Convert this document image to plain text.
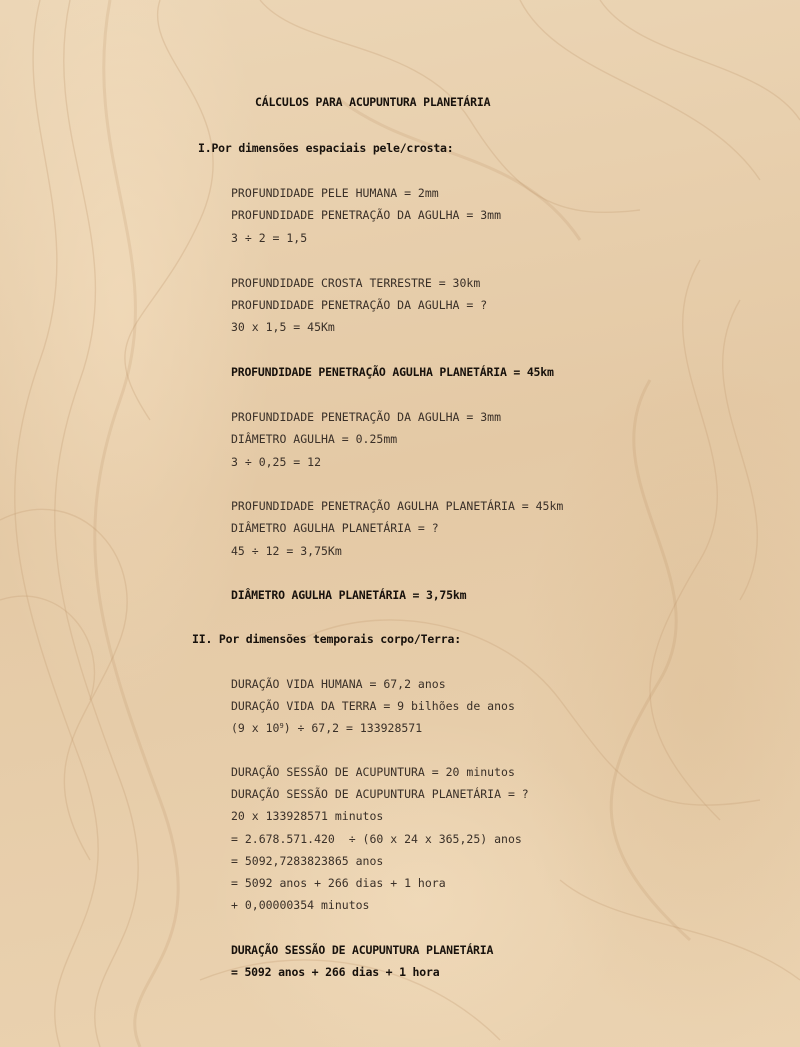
CÁLCULOS PARA ACUPUNTURA PLANETÁRIA
I.Por dimensões espaciais pele/crosta:
PROFUNDIDADE PELE HUMANA = 2mm
PROFUNDIDADE PENETRAÇÃO DA AGULHA = 3mm
3 ÷ 2 = 1,5
PROFUNDIDADE CROSTA TERRESTRE = 30km
PROFUNDIDADE PENETRAÇÃO DA AGULHA = ?
30 x 1,5 = 45Km
PROFUNDIDADE PENETRAÇÃO AGULHA PLANETÁRIA = 45km
PROFUNDIDADE PENETRAÇÃO DA AGULHA = 3mm
DIÂMETRO AGULHA = 0.25mm
3 ÷ 0,25 = 12
PROFUNDIDADE PENETRAÇÃO AGULHA PLANETÁRIA = 45km
DIÂMETRO AGULHA PLANETÁRIA = ?
45 ÷ 12 = 3,75Km
DIÂMETRO AGULHA PLANETÁRIA = 3,75km
II. Por dimensões temporais corpo/Terra:
DURAÇÃO VIDA HUMANA = 67,2 anos
DURAÇÃO VIDA DA TERRA = 9 bilhões de anos
(9 x $10^9) \div 67,2 = 133928571$
DURAÇÃO SESSÃO DE ACUPUNTURA = 20 minutos
DURAÇÃO SESSÃO DE ACUPUNTURA PLANETÁRIA = ?
20 x 133928571 minutos
= 2.678.571.420  ÷ (60 x 24 x 365,25) anos
= 5092,7283823865 anos
= 5092 anos + 266 dias + 1 hora
+ 0,00000354 minutos
DURAÇÃO SESSÃO DE ACUPUNTURA PLANETÁRIA
= 5092 anos + 266 dias + 1 hora
